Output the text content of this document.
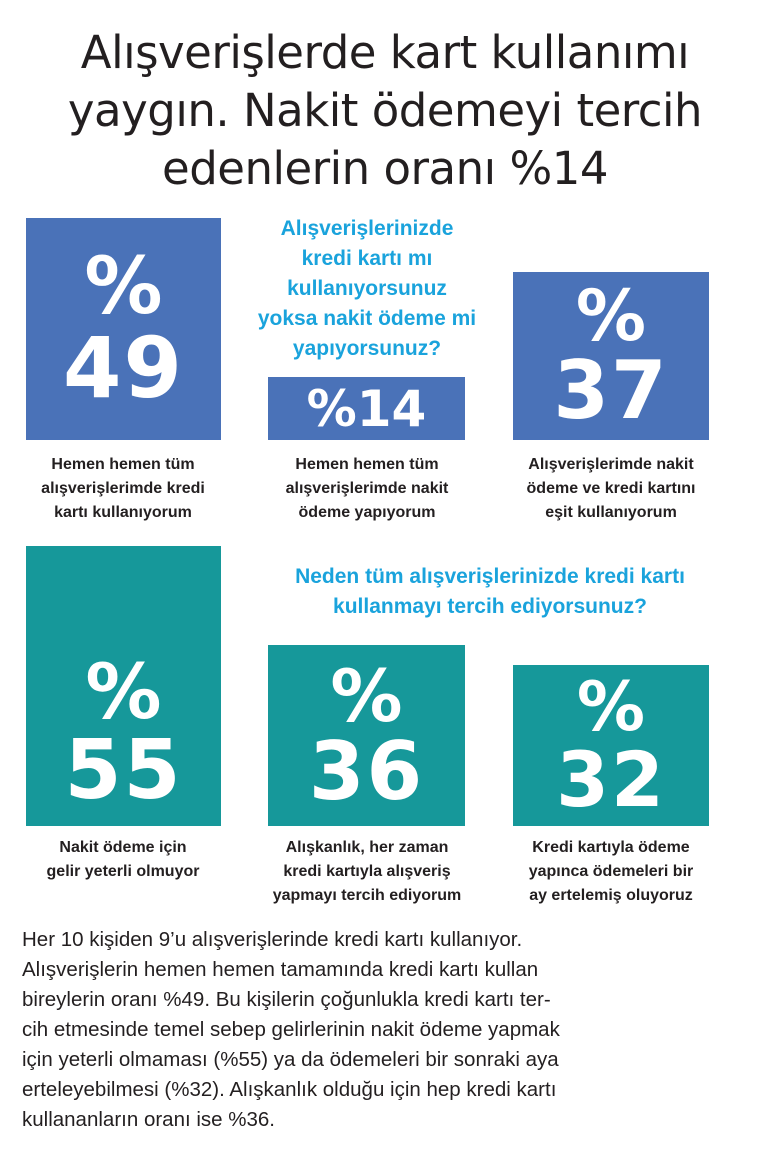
Alışverişlerde kart kullanımı
yaygın. Nakit ödemeyi tercih
edenlerin oranı %14
Alışverişlerinizde
kredi kartı mı
kullanıyorsunuz
yoksa nakit ödeme mi
yapıyorsunuz?
Neden tüm alışverişlerinizde kredi kartı
kullanmayı tercih ediyorsunuz?
%
49 %14
%
37
Hemen hemen tüm
alışverişlerimde kredi
kartı kullanıyorum
Hemen hemen tüm
alışverişlerimde nakit
ödeme yapıyorum
Alışverişlerimde nakit
ödeme ve kredi kartını
eşit kullanıyorum
%
55
%
36
%
32
Nakit ödeme için
gelir yeterli olmuyor
Alışkanlık, her zaman
kredi kartıyla alışveriş
yapmayı tercih ediyorum
Kredi kartıyla ödeme
yapınca ödemeleri bir
ay ertelemiş oluyoruz
Her 10 kişiden 9’u alışverişlerinde kredi kartı kullanıyor.
Alışverişlerin hemen hemen tamamında kredi kartı kullan
bireylerin oranı %49. Bu kişilerin çoğunlukla kredi kartı ter-
cih etmesinde temel sebep gelirlerinin nakit ödeme yapmak
için yeterli olmaması (%55) ya da ödemeleri bir sonraki aya
erteleyebilmesi (%32). Alışkanlık olduğu için hep kredi kartı
kullananların oranı ise %36.
